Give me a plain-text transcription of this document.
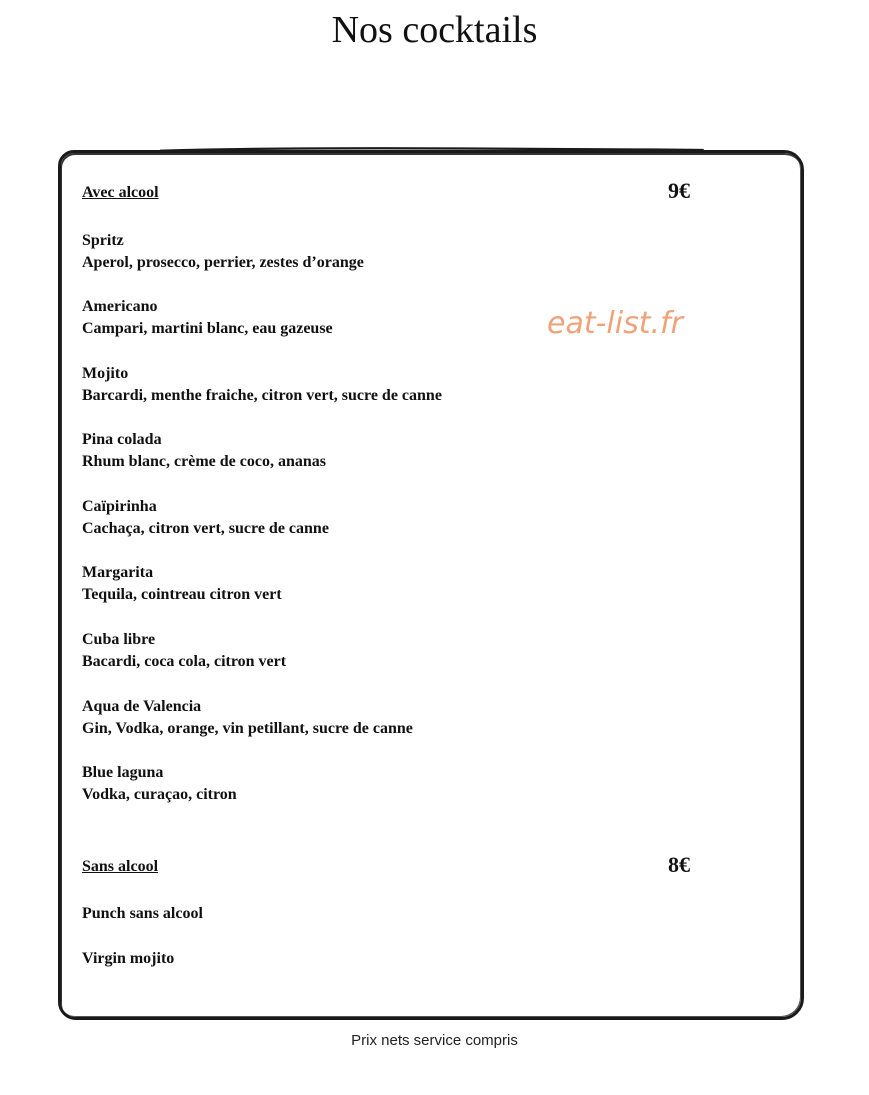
Nos cocktails
Avec alcool	9€
Spritz
Aperol, prosecco, perrier, zestes d’orange
Americano
Campari, martini blanc, eau gazeuse
Mojito
Barcardi, menthe fraiche, citron vert, sucre de canne
Pina colada
Rhum blanc, crème de coco, ananas
Caïpirinha
Cachaça, citron vert, sucre de canne
Margarita
Tequila, cointreau citron vert
Cuba libre
Bacardi, coca cola, citron vert
Aqua de Valencia
Gin, Vodka, orange, vin petillant, sucre de canne
Blue laguna
Vodka, curaçao, citron
Sans alcool	8€
Punch sans alcool
Virgin mojito
eat-list.fr
Prix nets service compris
